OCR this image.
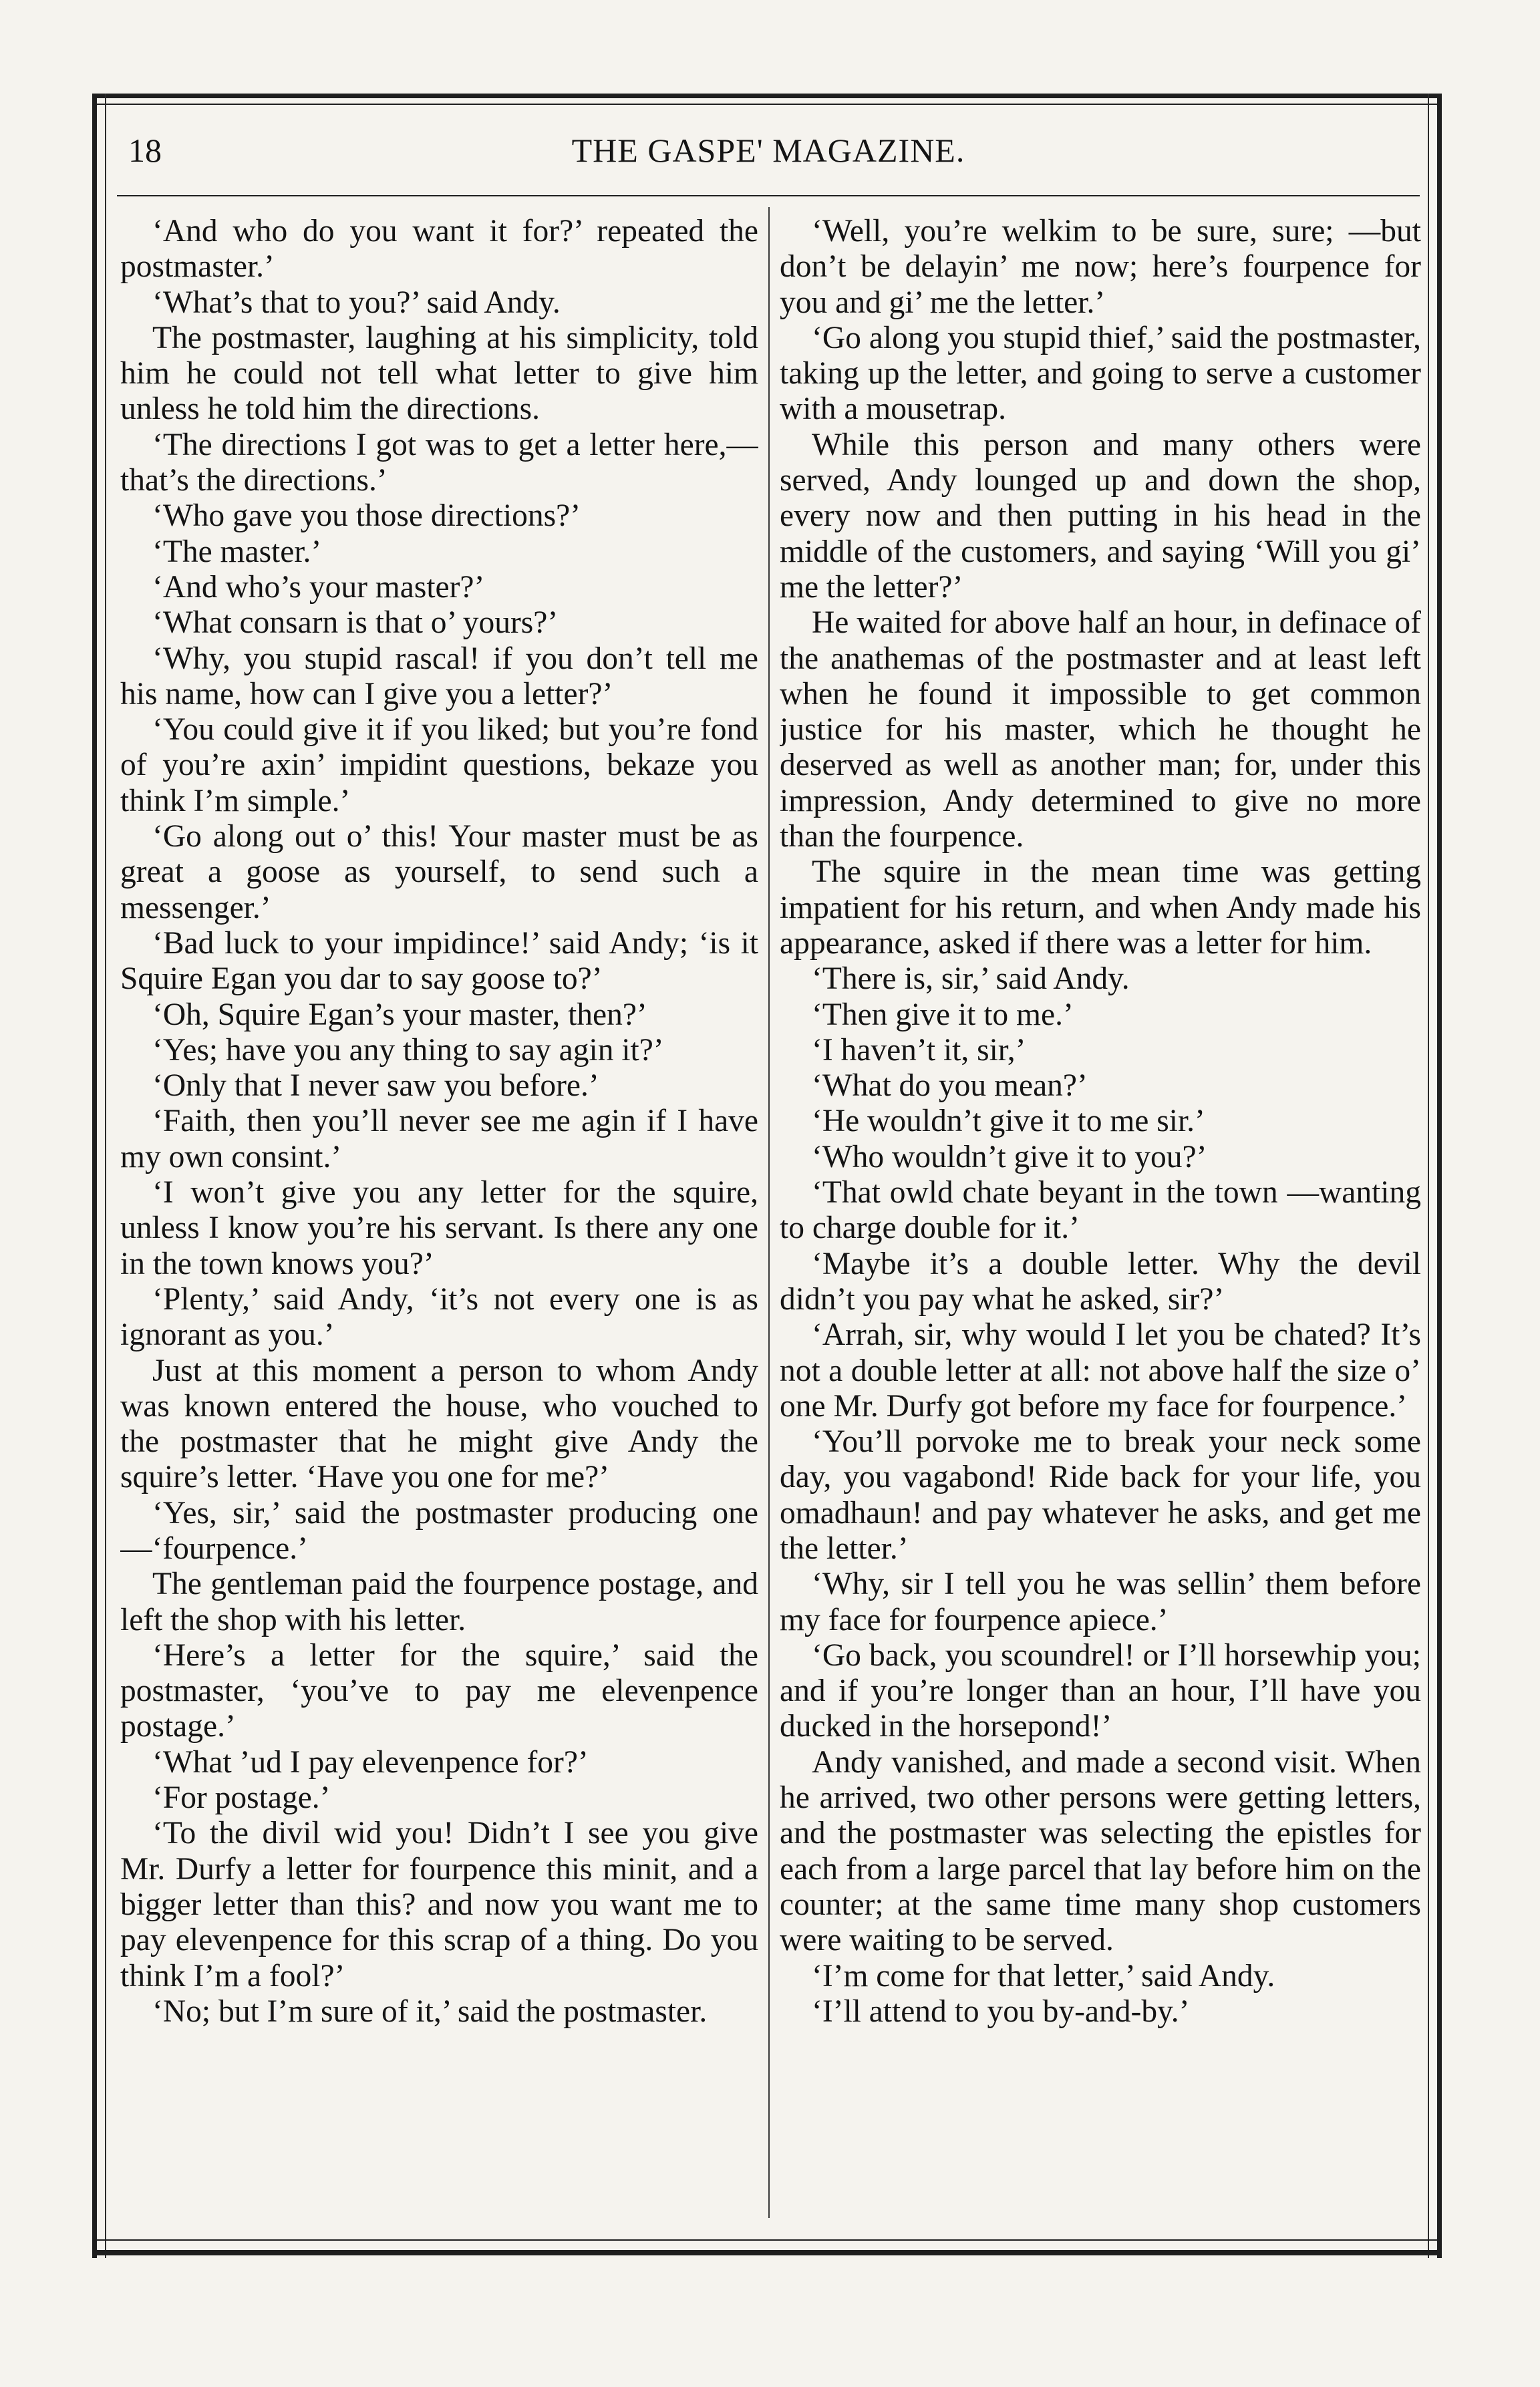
18	THE GASPE' MAGAZINE.

‘And who do you want it for?’ repeated the postmaster.’

‘What’s that to you?’ said Andy.

The postmaster, laughing at his simplicity, told him he could not tell what letter to give him unless he told him the directions.

‘The directions I got was to get a letter here,—that’s the directions.’

‘Who gave you those directions?’

‘The master.’

‘And who’s your master?’

‘What consarn is that o’ yours?’

‘Why, you stupid rascal! if you don’t tell me his name, how can I give you a letter?’

‘You could give it if you liked; but you’re fond of you’re axin’ impidint questions, bekaze you think I’m simple.’

‘Go along out o’ this! Your master must be as great a goose as yourself, to send such a messenger.’

‘Bad luck to your impidince!’ said Andy; ‘is it Squire Egan you dar to say goose to?’

‘Oh, Squire Egan’s your master, then?’

‘Yes; have you any thing to say agin it?’

‘Only that I never saw you before.’

‘Faith, then you’ll never see me agin if I have my own consint.’

‘I won’t give you any letter for the squire, unless I know you’re his servant. Is there any one in the town knows you?’

‘Plenty,’ said Andy, ‘it’s not every one is as ignorant as you.’

Just at this moment a person to whom Andy was known entered the house, who vouched to the postmaster that he might give Andy the squire’s letter. ‘Have you one for me?’

‘Yes, sir,’ said the postmaster producing one—‘fourpence.’

The gentleman paid the fourpence postage, and left the shop with his letter.

‘Here’s a letter for the squire,’ said the postmaster, ‘you’ve to pay me elevenpence postage.’

‘What ’ud I pay elevenpence for?’

‘For postage.’

‘To the divil wid you! Didn’t I see you give Mr. Durfy a letter for fourpence this minit, and a bigger letter than this? and now you want me to pay elevenpence for this scrap of a thing. Do you think I’m a fool?’

‘No; but I’m sure of it,’ said the postmaster.

‘Well, you’re welkim to be sure, sure; —but don’t be delayin’ me now; here’s fourpence for you and gi’ me the letter.’

‘Go along you stupid thief,’ said the postmaster, taking up the letter, and going to serve a customer with a mousetrap.

While this person and many others were served, Andy lounged up and down the shop, every now and then putting in his head in the middle of the customers, and saying ‘Will you gi’ me the letter?’

He waited for above half an hour, in definace of the anathemas of the postmaster and at least left when he found it impossible to get common justice for his master, which he thought he deserved as well as another man; for, under this impression, Andy determined to give no more than the fourpence.

The squire in the mean time was getting impatient for his return, and when Andy made his appearance, asked if there was a letter for him.

‘There is, sir,’ said Andy.

‘Then give it to me.’

‘I haven’t it, sir,’

‘What do you mean?’

‘He wouldn’t give it to me sir.’

‘Who wouldn’t give it to you?’

‘That owld chate beyant in the town —wanting to charge double for it.’

‘Maybe it’s a double letter. Why the devil didn’t you pay what he asked, sir?’

‘Arrah, sir, why would I let you be chated? It’s not a double letter at all: not above half the size o’ one Mr. Durfy got before my face for fourpence.’

‘You’ll porvoke me to break your neck some day, you vagabond! Ride back for your life, you omadhaun! and pay whatever he asks, and get me the letter.’

‘Why, sir I tell you he was sellin’ them before my face for fourpence apiece.’

‘Go back, you scoundrel! or I’ll horsewhip you; and if you’re longer than an hour, I’ll have you ducked in the horsepond!’

Andy vanished, and made a second visit. When he arrived, two other persons were getting letters, and the postmaster was selecting the epistles for each from a large parcel that lay before him on the counter; at the same time many shop customers were waiting to be served.

‘I’m come for that letter,’ said Andy.

‘I’ll attend to you by-and-by.’
